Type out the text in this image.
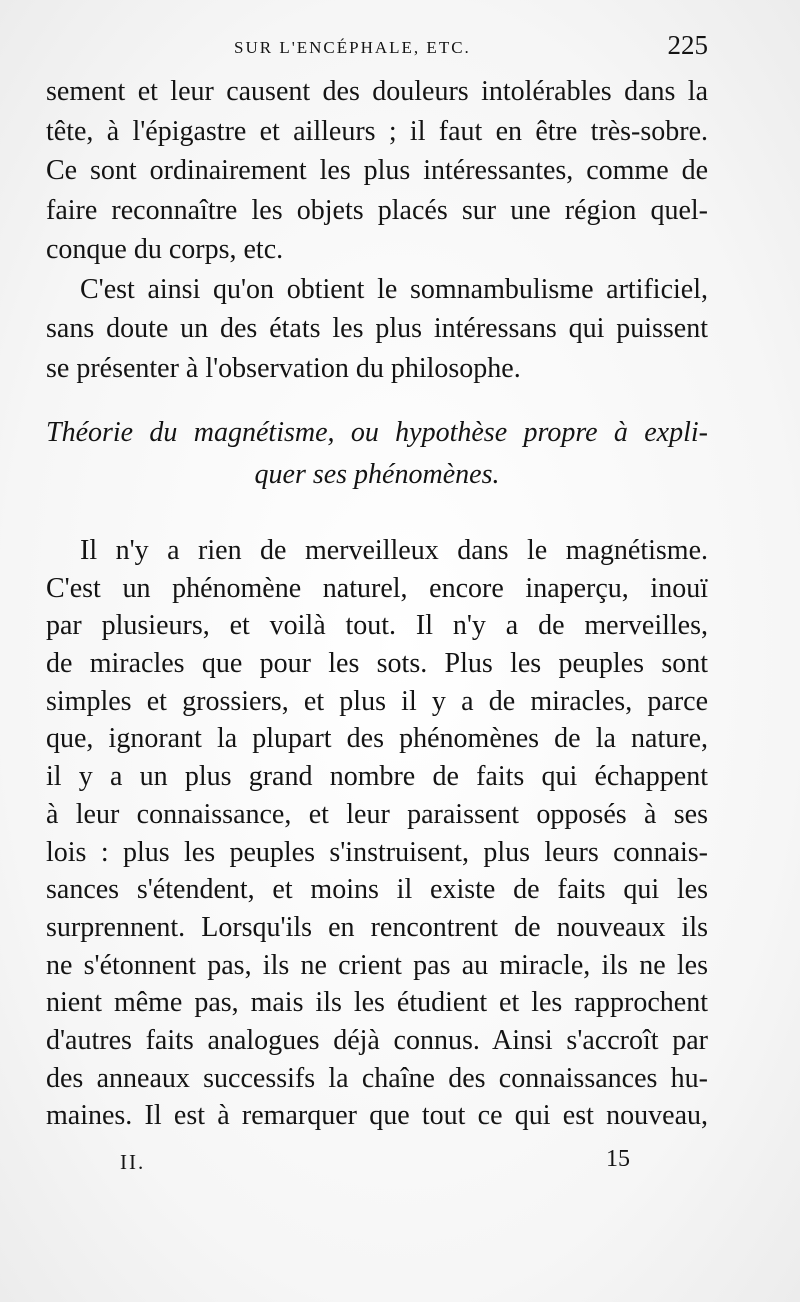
SUR L'ENCÉPHALE, ETC.	225
sement et leur causent des douleurs intolérables dans la
tête, à l'épigastre et ailleurs ; il faut en être très-sobre.
Ce sont ordinairement les plus intéressantes, comme de
faire reconnaître les objets placés sur une région quel-
conque du corps, etc.
C'est ainsi qu'on obtient le somnambulisme artificiel,
sans doute un des états les plus intéressans qui puissent
se présenter à l'observation du philosophe.
Théorie du magnétisme, ou hypothèse propre à expli-
quer ses phénomènes.
Il n'y a rien de merveilleux dans le magnétisme.
C'est un phénomène naturel, encore inaperçu, inouï
par plusieurs, et voilà tout. Il n'y a de merveilles,
de miracles que pour les sots. Plus les peuples sont
simples et grossiers, et plus il y a de miracles, parce
que, ignorant la plupart des phénomènes de la nature,
il y a un plus grand nombre de faits qui échappent
à leur connaissance, et leur paraissent opposés à ses
lois : plus les peuples s'instruisent, plus leurs connais-
sances s'étendent, et moins il existe de faits qui les
surprennent. Lorsqu'ils en rencontrent de nouveaux ils
ne s'étonnent pas, ils ne crient pas au miracle, ils ne les
nient même pas, mais ils les étudient et les rapprochent
d'autres faits analogues déjà connus. Ainsi s'accroît par
des anneaux successifs la chaîne des connaissances hu-
maines. Il est à remarquer que tout ce qui est nouveau,
II.	15
